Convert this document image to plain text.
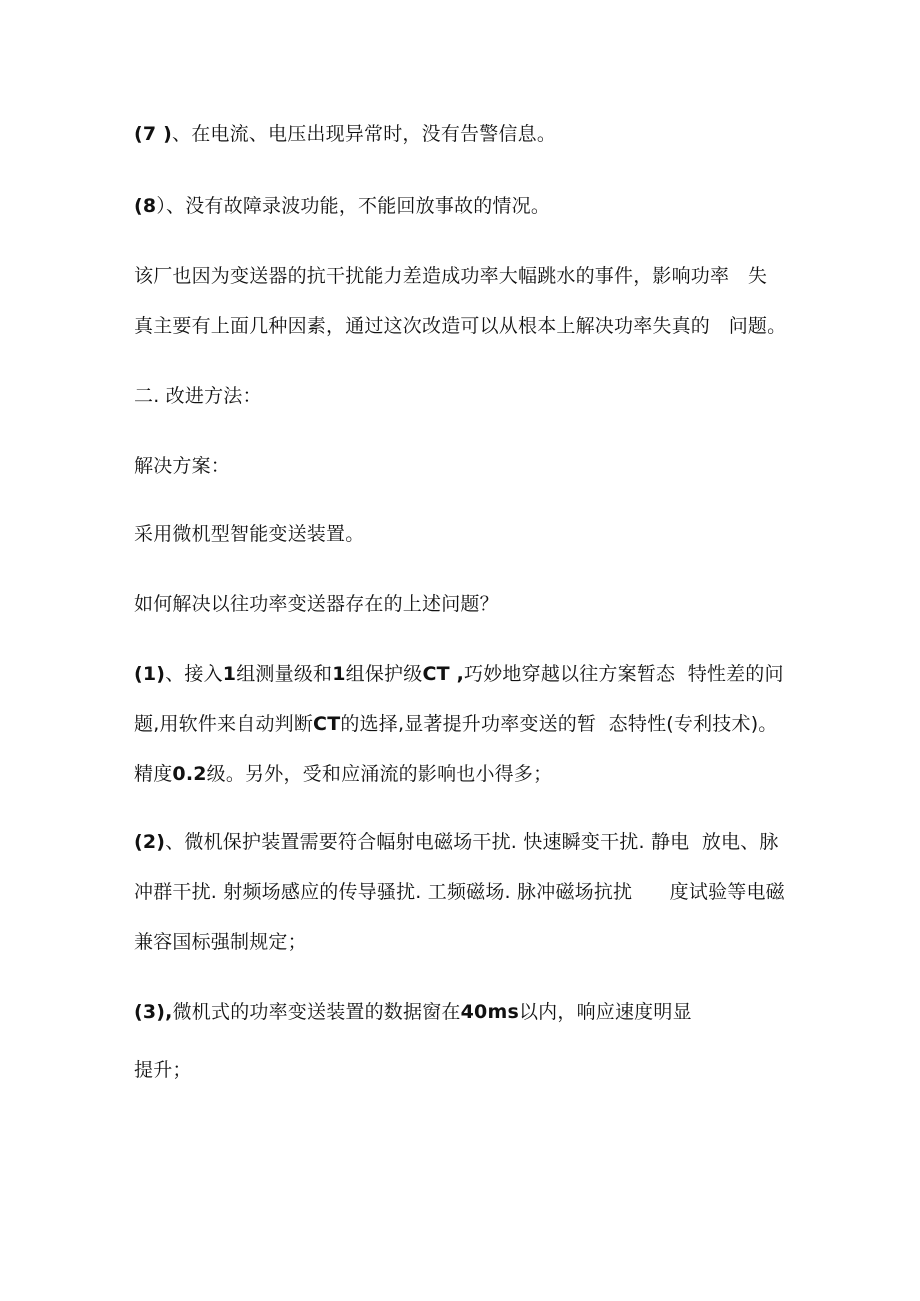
(7 )、在电流、电压出现异常时，没有告警信息。
(8）、没有故障录波功能，不能回放事故的情况。
该厂也因为变送器的抗干扰能力差造成功率大幅跳水的事件，影响功率   失
真主要有上面几种因素，通过这次改造可以从根本上解决功率失真的   问题。
二. 改进方法：
解决方案：
采用微机型智能变送装置。
如何解决以往功率变送器存在的上述问题？
(1)、接入1组测量级和1组保护级CT ,巧妙地穿越以往方案暂态  特性差的问
题,用软件来自动判断CT的选择,显著提升功率变送的暂  态特性(专利技术)。
精度0.2级。另外，受和应涌流的影响也小得多；
(2)、微机保护装置需要符合幅射电磁场干扰. 快速瞬变干扰. 静电  放电、脉
冲群干扰. 射频场感应的传导骚扰. 工频磁场. 脉冲磁场抗扰      度试验等电磁
兼容国标强制规定；
(3),微机式的功率变送装置的数据窗在40ms以内，响应速度明显
提升；
